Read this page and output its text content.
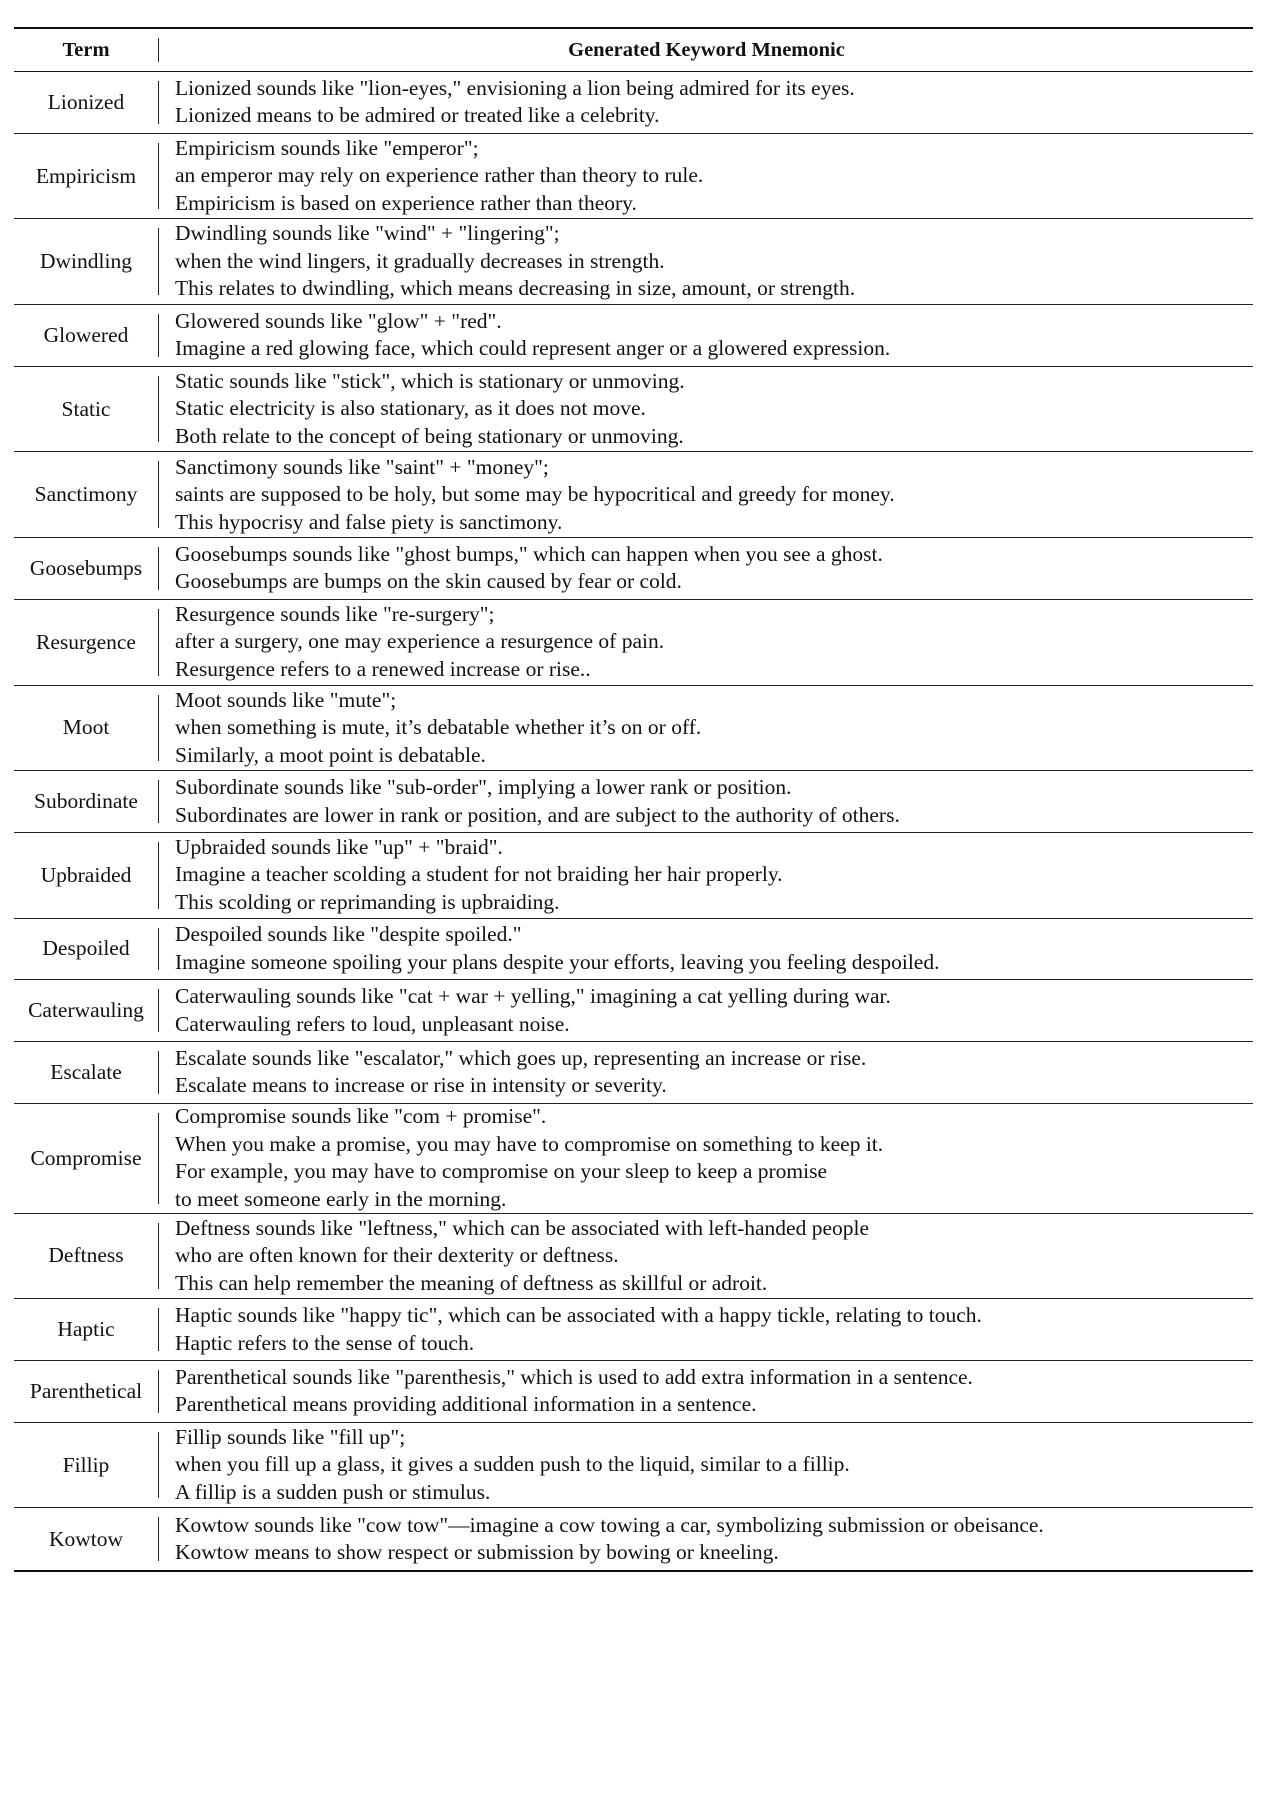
Term	Generated Keyword Mnemonic
Lionized
Lionized sounds like "lion-eyes," envisioning a lion being admired for its eyes.
Lionized means to be admired or treated like a celebrity.
Empiricism
Empiricism sounds like "emperor";
an emperor may rely on experience rather than theory to rule.
Empiricism is based on experience rather than theory.
Dwindling
Dwindling sounds like "wind" + "lingering";
when the wind lingers, it gradually decreases in strength.
This relates to dwindling, which means decreasing in size, amount, or strength.
Glowered
Glowered sounds like "glow" + "red".
Imagine a red glowing face, which could represent anger or a glowered expression.
Static
Static sounds like "stick", which is stationary or unmoving.
Static electricity is also stationary, as it does not move.
Both relate to the concept of being stationary or unmoving.
Sanctimony
Sanctimony sounds like "saint" + "money";
saints are supposed to be holy, but some may be hypocritical and greedy for money.
This hypocrisy and false piety is sanctimony.
Goosebumps
Goosebumps sounds like "ghost bumps," which can happen when you see a ghost.
Goosebumps are bumps on the skin caused by fear or cold.
Resurgence
Resurgence sounds like "re-surgery";
after a surgery, one may experience a resurgence of pain.
Resurgence refers to a renewed increase or rise..
Moot
Moot sounds like "mute";
when something is mute, it’s debatable whether it’s on or off.
Similarly, a moot point is debatable.
Subordinate
Subordinate sounds like "sub-order", implying a lower rank or position.
Subordinates are lower in rank or position, and are subject to the authority of others.
Upbraided
Upbraided sounds like "up" + "braid".
Imagine a teacher scolding a student for not braiding her hair properly.
This scolding or reprimanding is upbraiding.
Despoiled
Despoiled sounds like "despite spoiled."
Imagine someone spoiling your plans despite your efforts, leaving you feeling despoiled.
Caterwauling
Caterwauling sounds like "cat + war + yelling," imagining a cat yelling during war.
Caterwauling refers to loud, unpleasant noise.
Escalate
Escalate sounds like "escalator," which goes up, representing an increase or rise.
Escalate means to increase or rise in intensity or severity.
Compromise
Compromise sounds like "com + promise".
When you make a promise, you may have to compromise on something to keep it.
For example, you may have to compromise on your sleep to keep a promise
to meet someone early in the morning.
Deftness
Deftness sounds like "leftness," which can be associated with left-handed people
who are often known for their dexterity or deftness.
This can help remember the meaning of deftness as skillful or adroit.
Haptic
Haptic sounds like "happy tic", which can be associated with a happy tickle, relating to touch.
Haptic refers to the sense of touch.
Parenthetical
Parenthetical sounds like "parenthesis," which is used to add extra information in a sentence.
Parenthetical means providing additional information in a sentence.
Fillip
Fillip sounds like "fill up";
when you fill up a glass, it gives a sudden push to the liquid, similar to a fillip.
A fillip is a sudden push or stimulus.
Kowtow
Kowtow sounds like "cow tow"—imagine a cow towing a car, symbolizing submission or obeisance.
Kowtow means to show respect or submission by bowing or kneeling.
